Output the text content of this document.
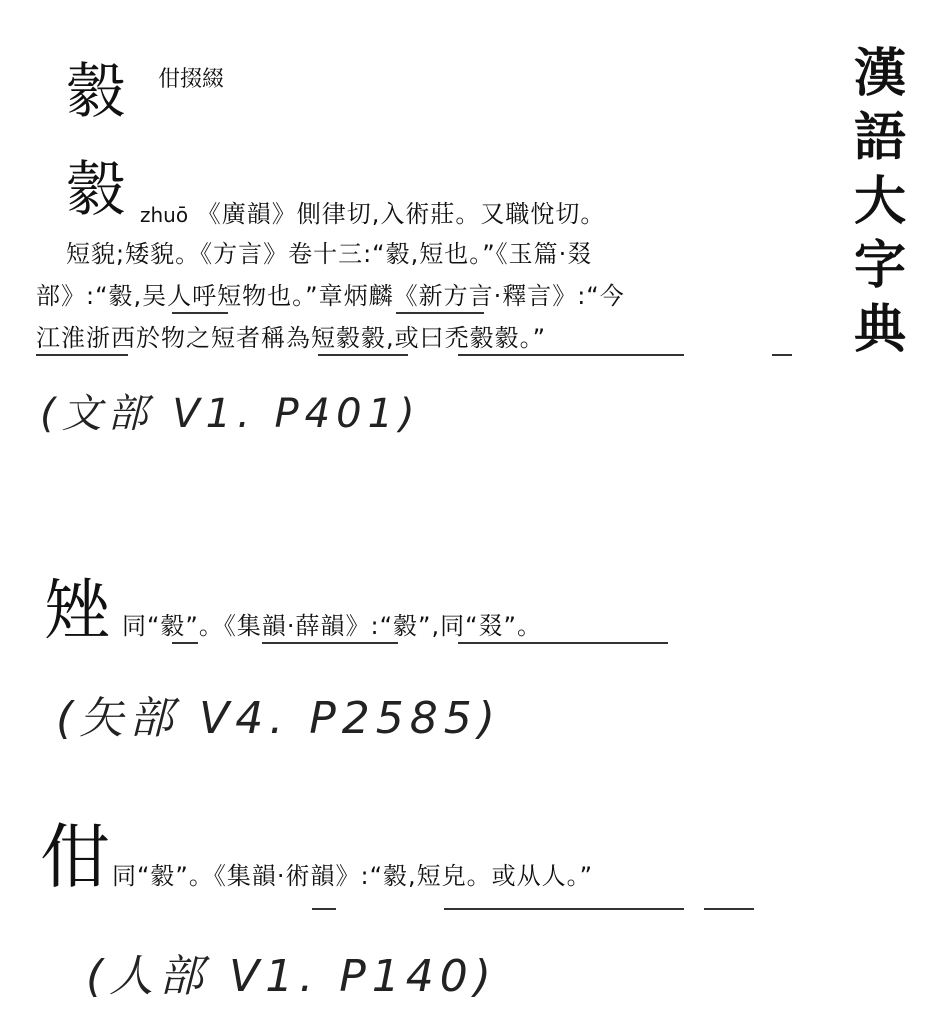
漢
語
大
字
典
豰 佄掇綴
豰 zhuō 《廣韻》側律切,入術莊。又職悅切。
短貌;矮貌。《方言》卷十三:“豰,短也。”《玉篇·叕
部》:“豰,吴人呼短物也。”章炳麟《新方言·釋言》:“今
江淮浙西於物之短者稱為短豰豰,或曰禿豰豰。”
(文部 V1. P401)
矬 同“豰”。《集韻·薛韻》:“豰”,同“叕”。
(矢部 V4. P2585)
佄 同“豰”。《集韻·術韻》:“豰,短皃。或从人。”
(人部 V1. P140)
